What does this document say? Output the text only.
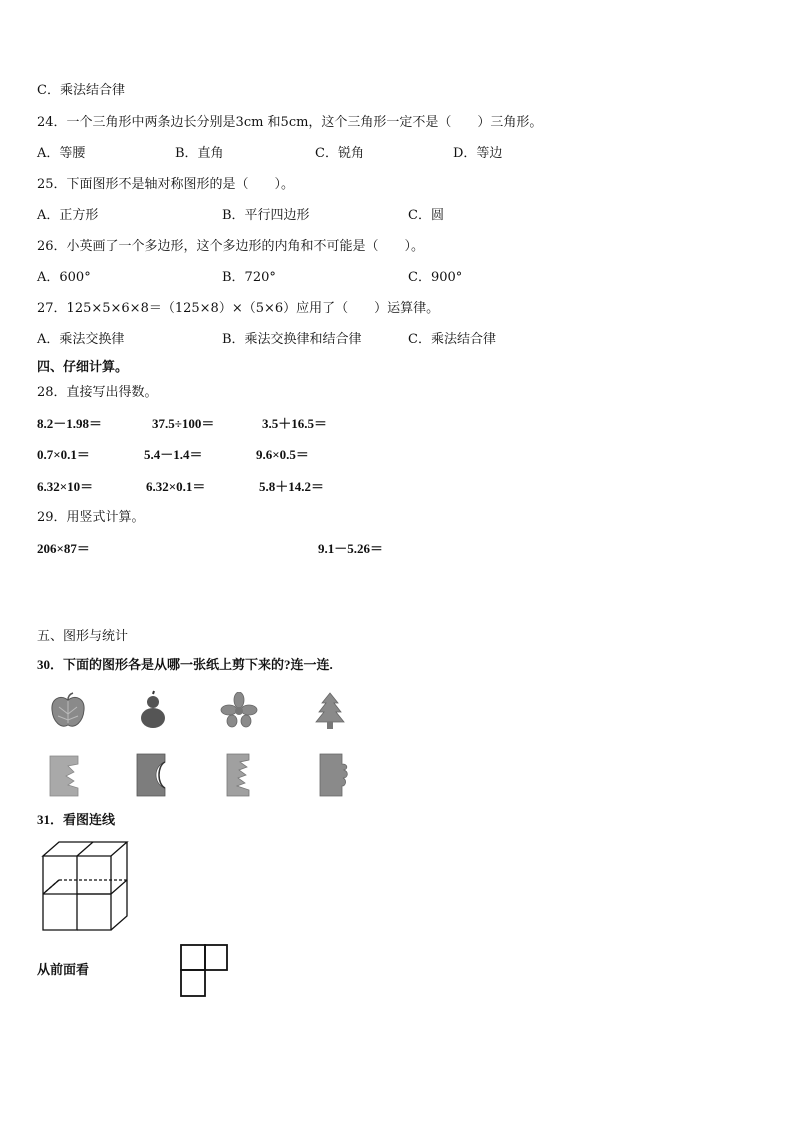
C．乘法结合律
24．一个三角形中两条边长分别是3cm 和5cm，这个三角形一定不是（　　）三角形。
A．等腰	B．直角	C．锐角	D．等边
25．下面图形不是轴对称图形的是（　　）。
A．正方形	B．平行四边形	C．圆
26．小英画了一个多边形，这个多边形的内角和不可能是（　　）。
A．600°	B．720°	C．900°
27．125×5×6×8＝（125×8）×（5×6）应用了（　　）运算律。
A．乘法交换律	B．乘法交换律和结合律	C．乘法结合律
四、仔细计算。
28．直接写出得数。
8.2－1.98＝	37.5÷100＝	3.5＋16.5＝
0.7×0.1＝	5.4－1.4＝	9.6×0.5＝
6.32×10＝	6.32×0.1＝	5.8＋14.2＝
29．用竖式计算。
206×87＝	9.1－5.26＝
五、图形与统计
30．下面的图形各是从哪一张纸上剪下来的?连一连.
31．看图连线
从前面看
